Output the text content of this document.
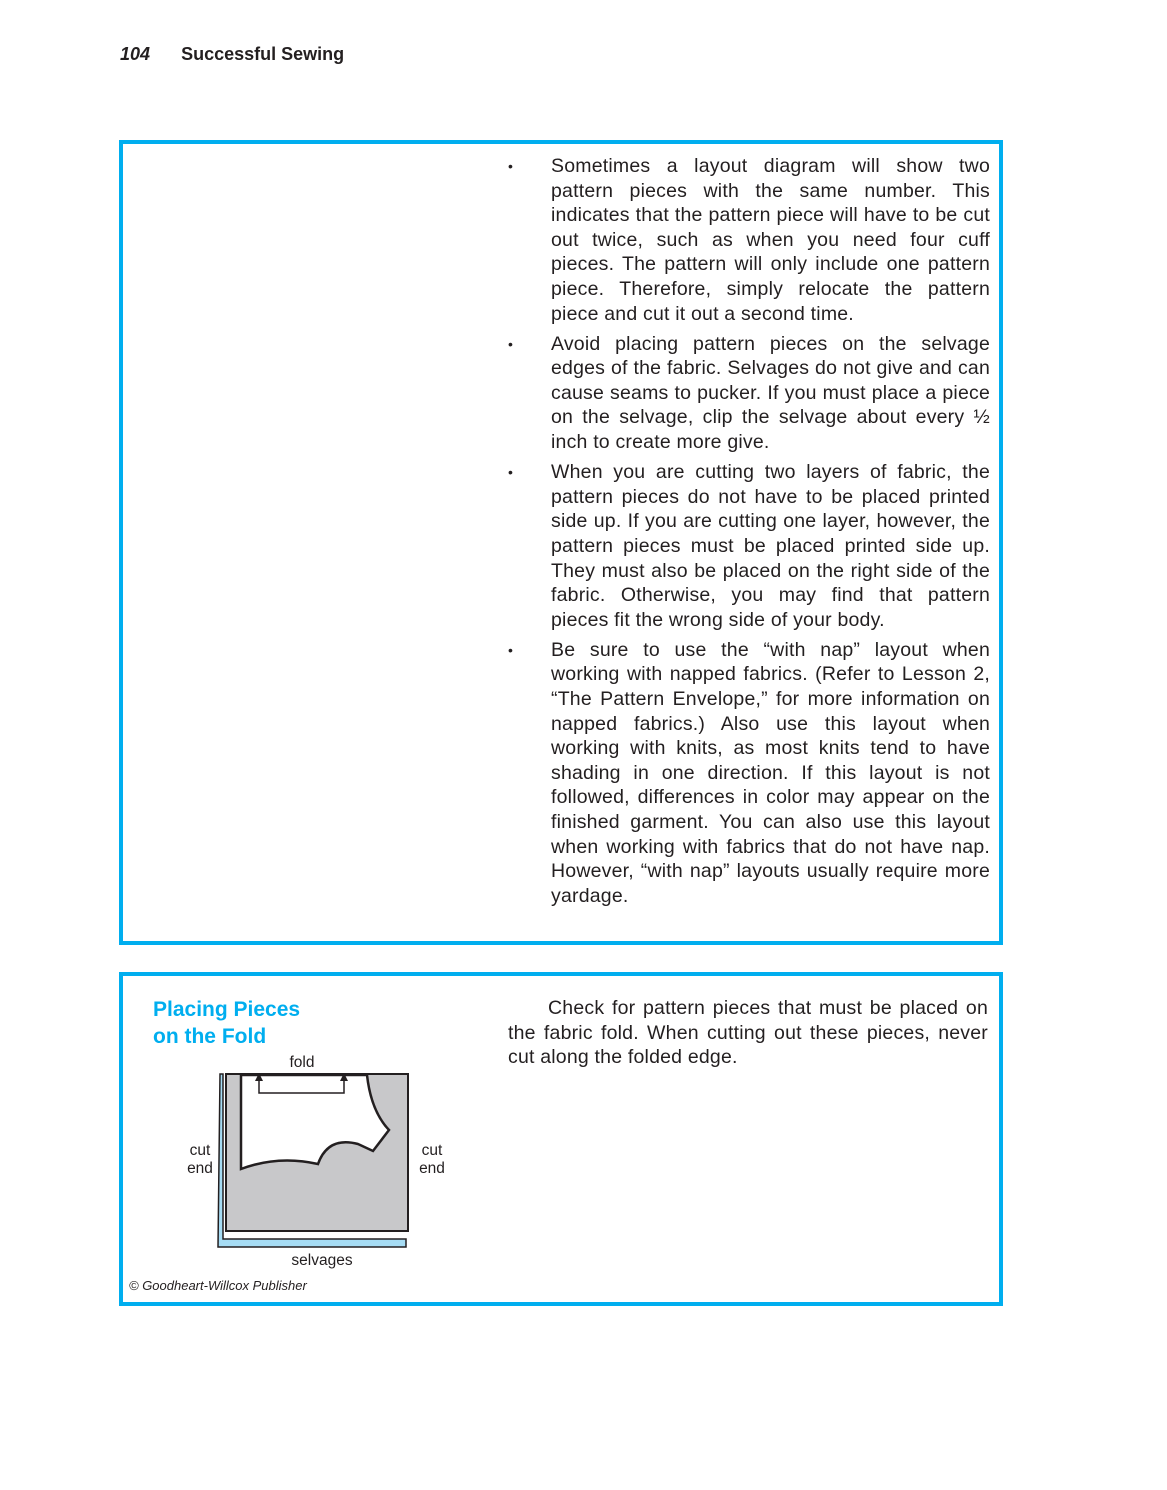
104 Successful Sewing
•	Sometimes a layout diagram will show two pattern pieces with the same number. This indicates that the pattern piece will have to be cut out twice, such as when you need four cuff pieces. The pattern will only include one pattern piece. Therefore, simply relocate the pattern piece and cut it out a second time.
•	Avoid placing pattern pieces on the selvage edges of the fabric. Selvages do not give and can cause seams to pucker. If you must place a piece on the selvage, clip the selvage about every ½ inch to create more give.
•	When you are cutting two layers of fabric, the pattern pieces do not have to be placed printed side up. If you are cutting one layer, however, the pattern pieces must be placed printed side up. They must also be placed on the right side of the fabric. Otherwise, you may find that pattern pieces fit the wrong side of your body.
•	Be sure to use the “with nap” layout when working with napped fabrics. (Refer to Lesson 2, “The Pattern Envelope,” for more information on napped fabrics.) Also use this layout when working with knits, as most knits tend to have shading in one direction. If this layout is not followed, differences in color may appear on the finished garment. You can also use this layout when working with fabrics that do not have nap. However, “with nap” layouts usually require more yardage.
Placing Pieces
on the Fold
fold
cut
end
cut
end
selvages
Check for pattern pieces that must be placed on the fabric fold. When cutting out these pieces, never cut along the folded edge.
© Goodheart-Willcox Publisher
